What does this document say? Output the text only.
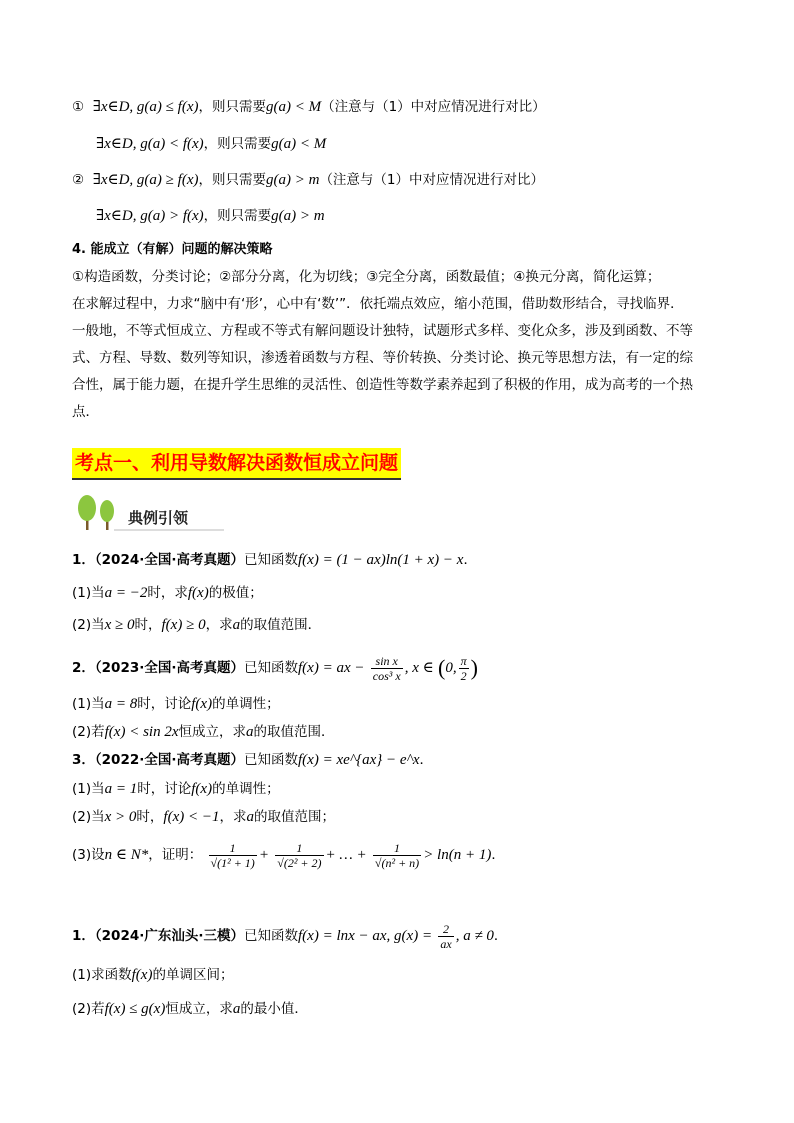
① ∃x∈D, g(a) ≤ f(x)，则只需要g(a) < M（注意与（1）中对应情况进行对比）
∃x∈D, g(a) < f(x)，则只需要g(a) < M
② ∃x∈D, g(a) ≥ f(x)，则只需要g(a) > m（注意与（1）中对应情况进行对比）
∃x∈D, g(a) > f(x)，则只需要g(a) > m
4. 能成立（有解）问题的解决策略
①构造函数，分类讨论；②部分分离，化为切线；③完全分离，函数最值；④换元分离，简化运算；
在求解过程中，力求“脑中有‘形’，心中有‘数’”．依托端点效应，缩小范围，借助数形结合，寻找临界．
一般地，不等式恒成立、方程或不等式有解问题设计独特，试题形式多样、变化众多，涉及到函数、不等
式、方程、导数、数列等知识，渗透着函数与方程、等价转换、分类讨论、换元等思想方法，有一定的综
合性，属于能力题，在提升学生思维的灵活性、创造性等数学素养起到了积极的作用，成为高考的一个热
点．
考点一、利用导数解决函数恒成立问题
典例引领
1．（2024·全国·高考真题）已知函数f(x) = (1 − ax)ln(1 + x) − x．
(1)当a = −2时，求f(x)的极值；
(2)当x ≥ 0时，f(x) ≥ 0，求a的取值范围．
2．（2023·全国·高考真题）已知函数f(x) = ax − $\frac{\text{sin x}}{\text{cos³ x}}$ , x ∈ (0, $\frac{\pi}{2}$ )
(1)当a = 8时，讨论f(x)的单调性；
(2)若f(x) < sin 2x恒成立，求a的取值范围．
3．（2022·全国·高考真题）已知函数f(x) = xe^{ax} − e^x．
(1)当a = 1时，讨论f(x)的单调性；
(2)当x > 0时，f(x) < −1，求a的取值范围；
(3)设n ∈ N*，证明： $\frac{1}{\text{√(1² + 1)}} + \frac{1}{\text{√(2² + 2)}}$ + … + $\frac{1}{\text{√(n² + n)}} > \ln(n + 1)$．
1．（2024·广东汕头·三模）已知函数f(x) = lnx − ax, $g(x) = \frac{2}{ax}$ , a ≠ 0．
(1)求函数f(x)的单调区间；
(2)若f(x) ≤ g(x)恒成立，求a的最小值．
